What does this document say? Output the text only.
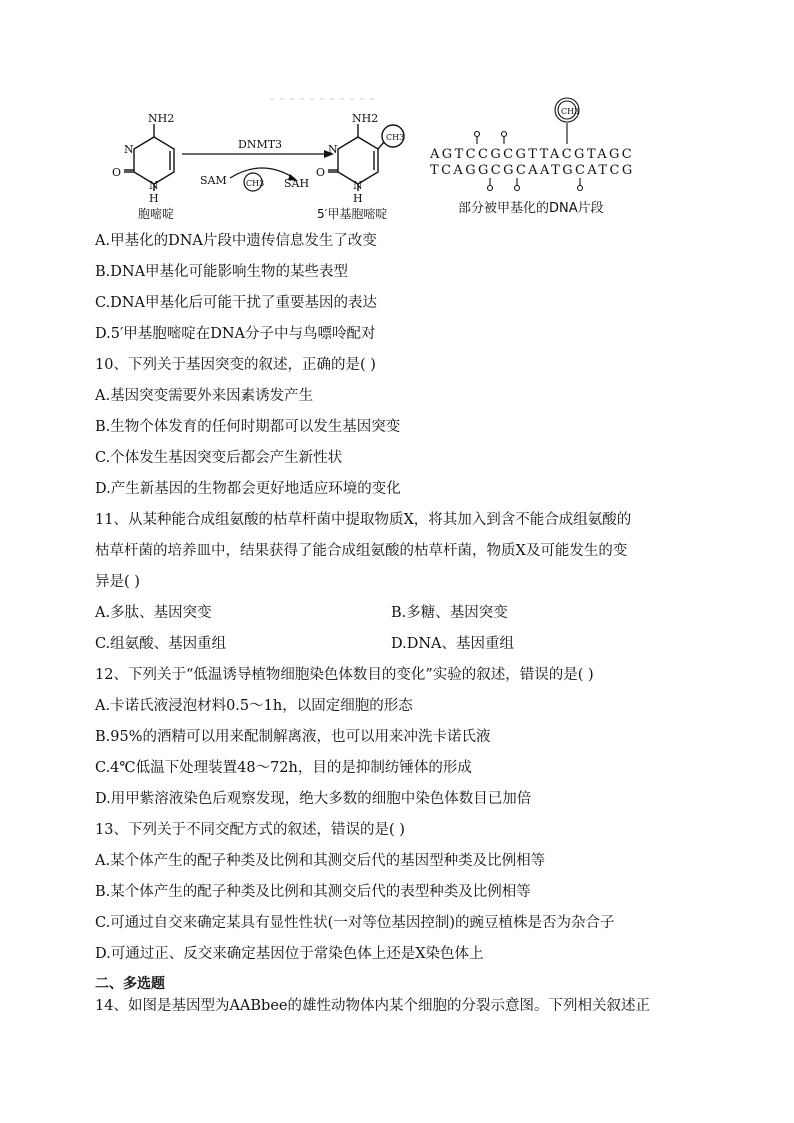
NH2
O
N
N
H
胞嘧啶
DNMT3
SAM	SAH
CH3
NH2
CH3
O
N
N
H
5′甲基胞嘧啶
CH3
AGTCCGCGTTACGTAGC
TCAGGCGCAATGCATCG
部分被甲基化的DNA片段
A.甲基化的DNA片段中遗传信息发生了改变
B.DNA甲基化可能影响生物的某些表型
C.DNA甲基化后可能干扰了重要基因的表达
D.5′甲基胞嘧啶在DNA分子中与鸟嘌呤配对
10、下列关于基因突变的叙述，正确的是( )
A.基因突变需要外来因素诱发产生
B.生物个体发育的任何时期都可以发生基因突变
C.个体发生基因突变后都会产生新性状
D.产生新基因的生物都会更好地适应环境的变化
11、从某种能合成组氨酸的枯草杆菌中提取物质X，将其加入到含不能合成组氨酸的
枯草杆菌的培养皿中，结果获得了能合成组氨酸的枯草杆菌，物质X及可能发生的变
异是( )
A.多肽、基因突变	B.多糖、基因突变
C.组氨酸、基因重组	D.DNA、基因重组
12、下列关于“低温诱导植物细胞染色体数目的变化”实验的叙述，错误的是( )
A.卡诺氏液浸泡材料0.5～1h，以固定细胞的形态
B.95%的酒精可以用来配制解离液，也可以用来冲洗卡诺氏液
C.4℃低温下处理装置48～72h，目的是抑制纺锤体的形成
D.用甲紫溶液染色后观察发现，绝大多数的细胞中染色体数目已加倍
13、下列关于不同交配方式的叙述，错误的是( )
A.某个体产生的配子种类及比例和其测交后代的基因型种类及比例相等
B.某个体产生的配子种类及比例和其测交后代的表型种类及比例相等
C.可通过自交来确定某具有显性性状(一对等位基因控制)的豌豆植株是否为杂合子
D.可通过正、反交来确定基因位于常染色体上还是X染色体上
二、多选题
14、如图是基因型为AABbee的雄性动物体内某个细胞的分裂示意图。下列相关叙述正
